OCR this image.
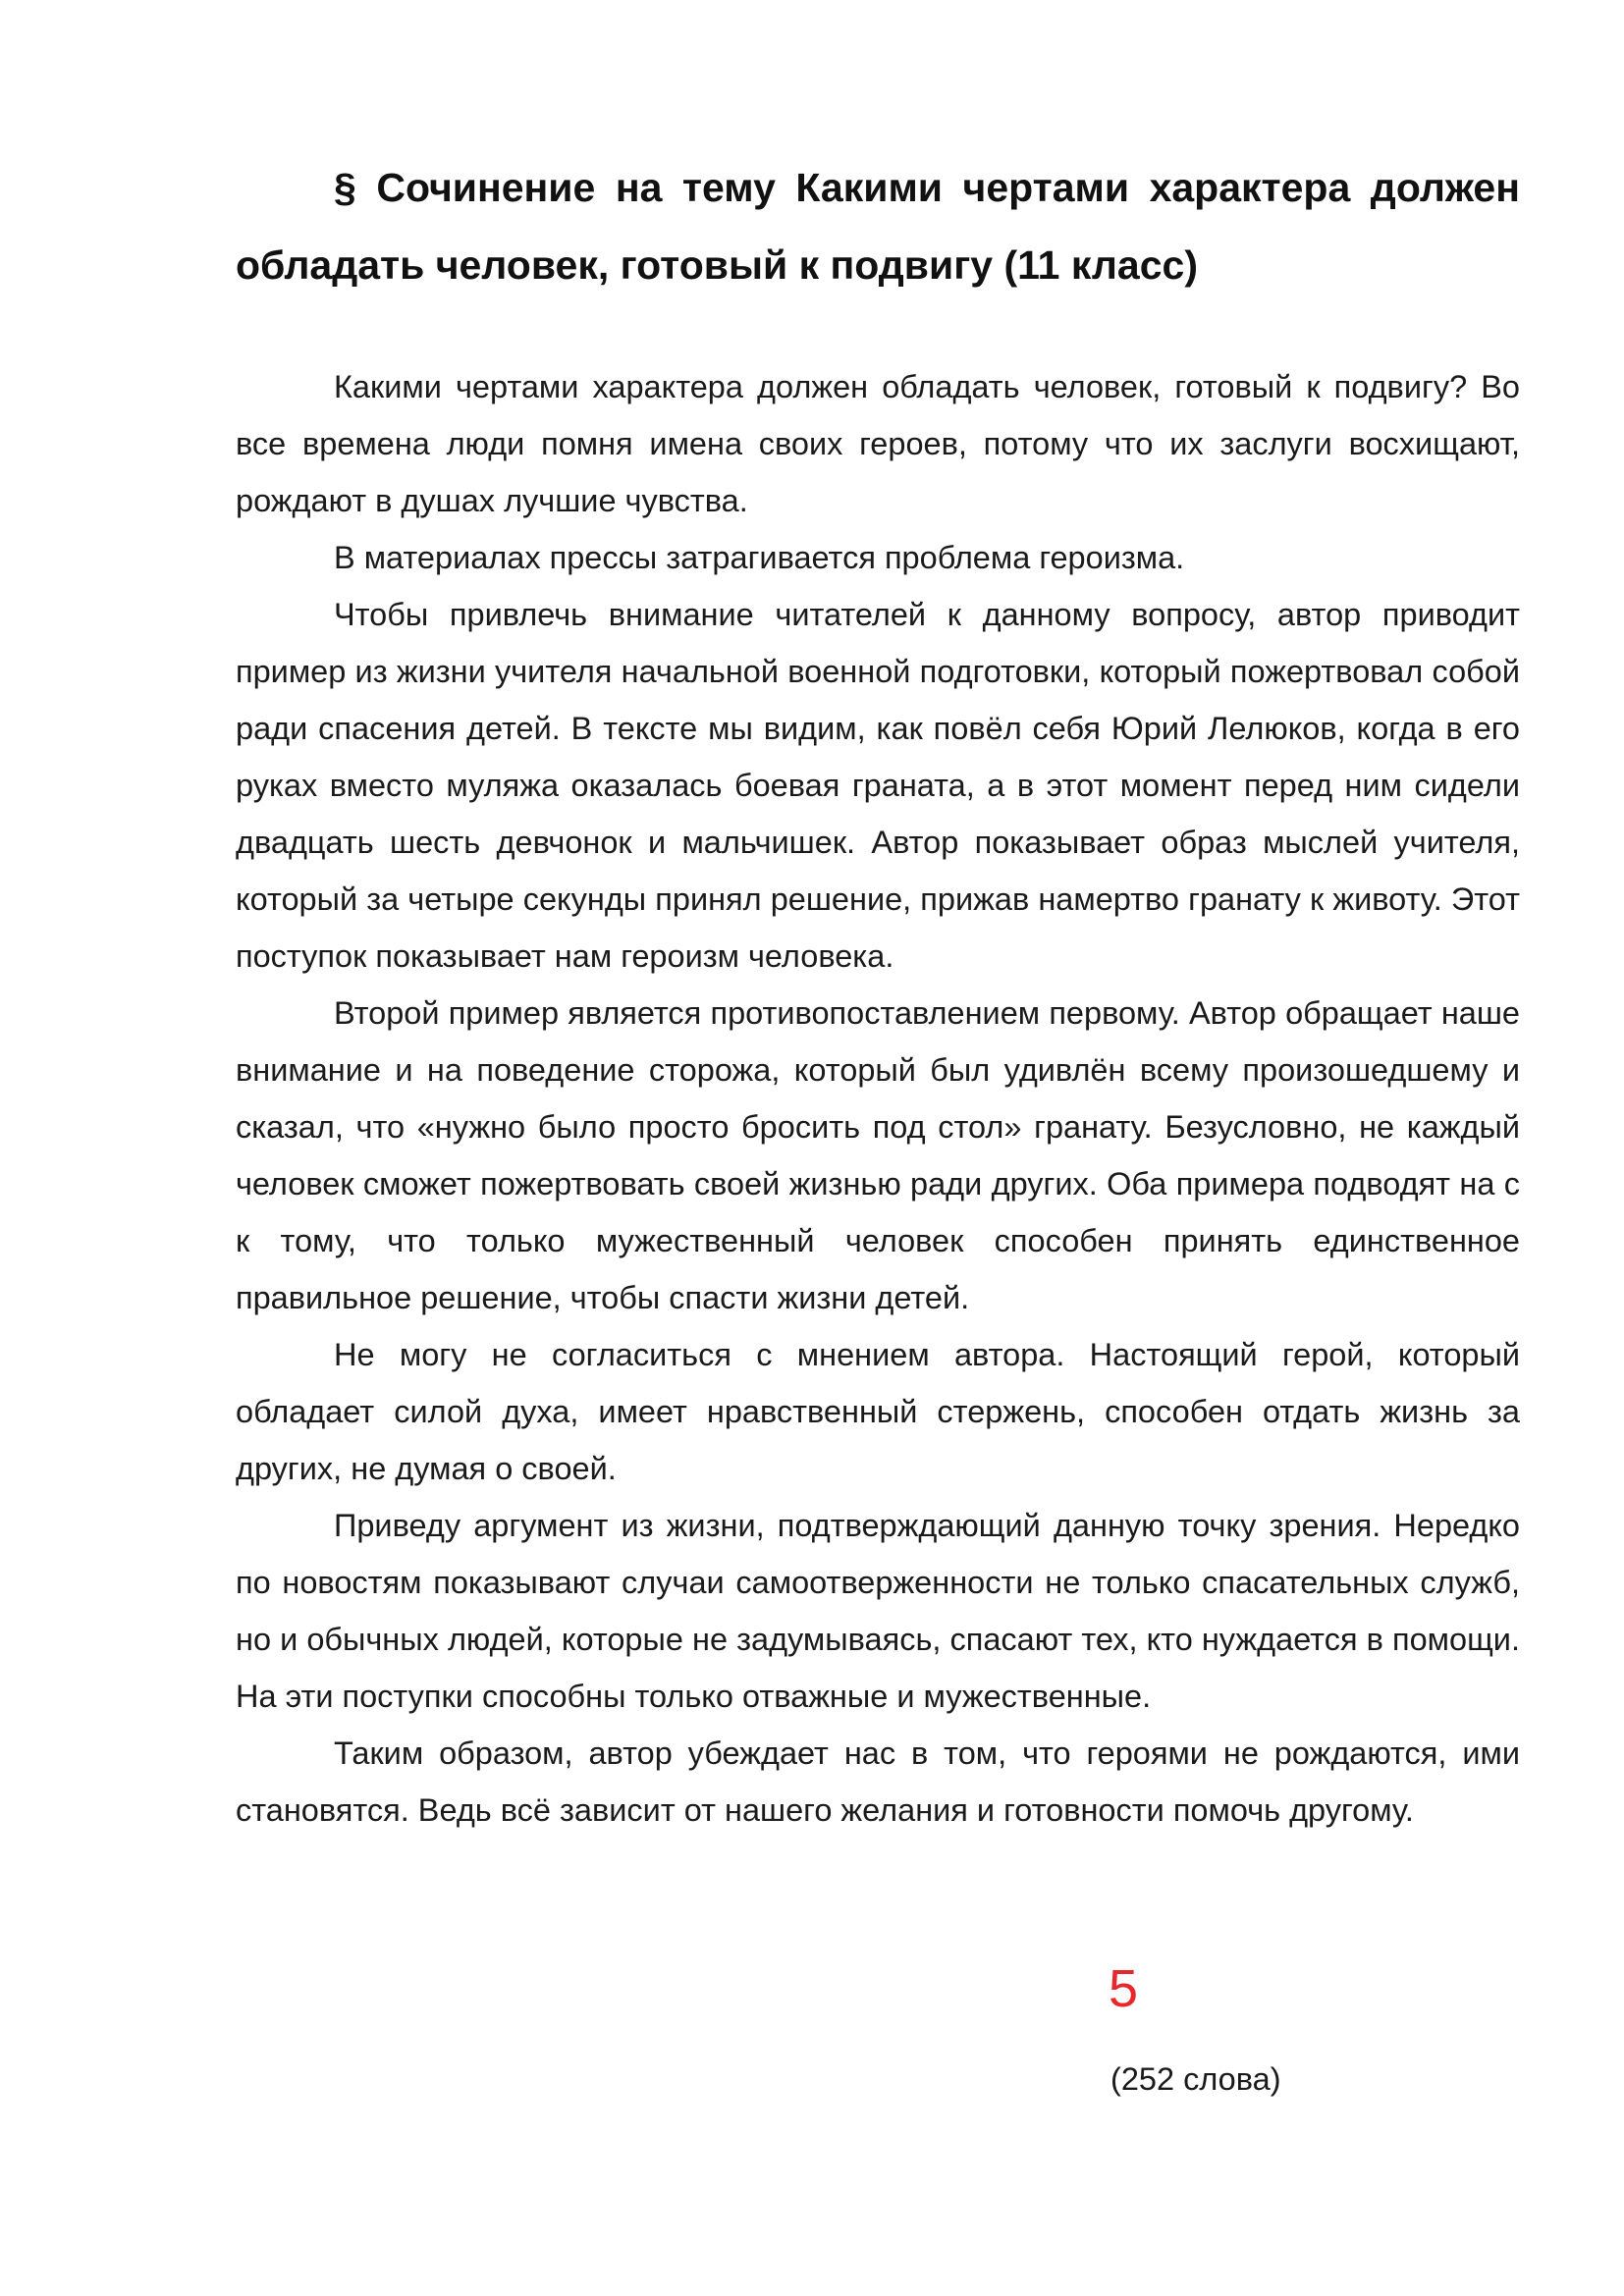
§ Сочинение на тему Какими чертами характера должен обладать человек, готовый к подвигу (11 класс)

Какими чертами характера должен обладать человек, готовый к подвигу? Во все времена люди помня имена своих героев, потому что их заслуги восхищают, рождают в душах лучшие чувства.

В материалах прессы затрагивается проблема героизма.

Чтобы привлечь внимание читателей к данному вопросу, автор приводит пример из жизни учителя начальной военной подготовки, который пожертвовал собой ради спасения детей. В тексте мы видим, как повёл себя Юрий Лелюков, когда в его руках вместо муляжа оказалась боевая граната, а в этот момент перед ним сидели двадцать шесть девчонок и мальчишек. Автор показывает образ мыслей учителя, который за четыре секунды принял решение, прижав намертво гранату к животу. Этот поступок показывает нам героизм человека.

Второй пример является противопоставлением первому. Автор обращает наше внимание и на поведение сторожа, который был удивлён всему произошедшему и сказал, что «нужно было просто бросить под стол» гранату. Безусловно, не каждый человек сможет пожертвовать своей жизнью ради других. Оба примера подводят на с к тому, что только мужественный человек способен принять единственное правильное решение, чтобы спасти жизни детей.

Не могу не согласиться с мнением автора. Настоящий герой, который обладает силой духа, имеет нравственный стержень, способен отдать жизнь за других, не думая о своей.

Приведу аргумент из жизни, подтверждающий данную точку зрения. Нередко по новостям показывают случаи самоотверженности не только спасательных служб, но и обычных людей, которые не задумываясь, спасают тех, кто нуждается в помощи. На эти поступки способны только отважные и мужественные.

Таким образом, автор убеждает нас в том, что героями не рождаются, ими становятся. Ведь всё зависит от нашего желания и готовности помочь другому.

5
(252 слова)
